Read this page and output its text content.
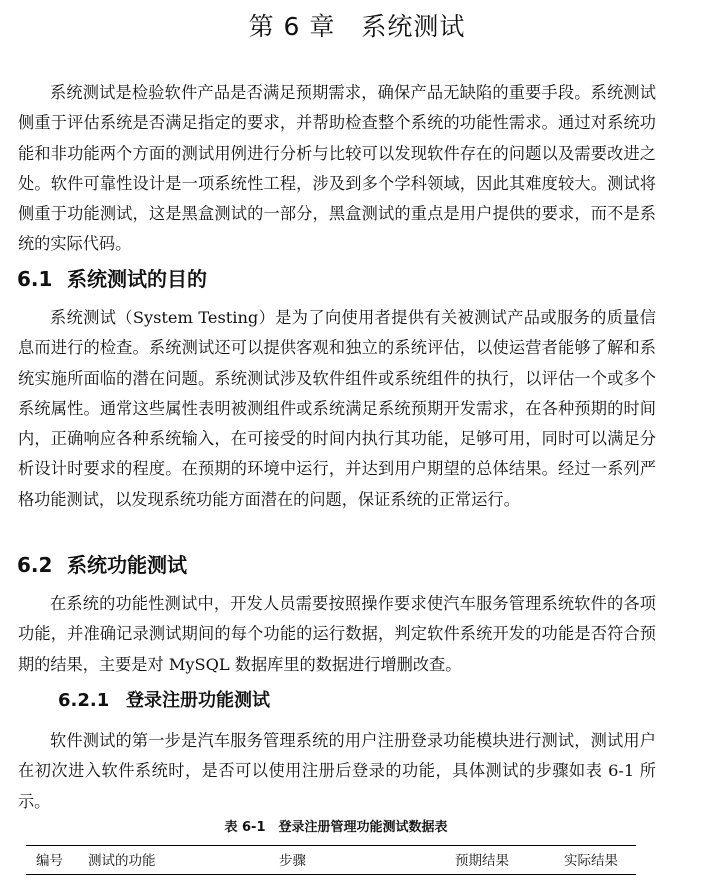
第 6 章　系统测试

系统测试是检验软件产品是否满足预期需求，确保产品无缺陷的重要手段。系统测试侧重于评估系统是否满足指定的要求，并帮助检查整个系统的功能性需求。通过对系统功能和非功能两个方面的测试用例进行分析与比较可以发现软件存在的问题以及需要改进之处。软件可靠性设计是一项系统性工程，涉及到多个学科领域，因此其难度较大。测试将侧重于功能测试，这是黑盒测试的一部分，黑盒测试的重点是用户提供的要求，而不是系统的实际代码。

6.1 系统测试的目的

系统测试（System Testing）是为了向使用者提供有关被测试产品或服务的质量信息而进行的检查。系统测试还可以提供客观和独立的系统评估，以使运营者能够了解和系统实施所面临的潜在问题。系统测试涉及软件组件或系统组件的执行，以评估一个或多个系统属性。通常这些属性表明被测组件或系统满足系统预期开发需求，在各种预期的时间内，正确响应各种系统输入，在可接受的时间内执行其功能，足够可用，同时可以满足分析设计时要求的程度。在预期的环境中运行，并达到用户期望的总体结果。经过一系列严格功能测试，以发现系统功能方面潜在的问题，保证系统的正常运行。

6.2 系统功能测试

在系统的功能性测试中，开发人员需要按照操作要求使汽车服务管理系统软件的各项功能，并准确记录测试期间的每个功能的运行数据，判定软件系统开发的功能是否符合预期的结果，主要是对 MySQL 数据库里的数据进行增删改查。

6.2.1 登录注册功能测试

软件测试的第一步是汽车服务管理系统的用户注册登录功能模块进行测试，测试用户在初次进入软件系统时，是否可以使用注册后登录的功能，具体测试的步骤如表 6-1 所示。

表 6-1　登录注册管理功能测试数据表
编号 测试的功能	步骤	预期结果	实际结果
